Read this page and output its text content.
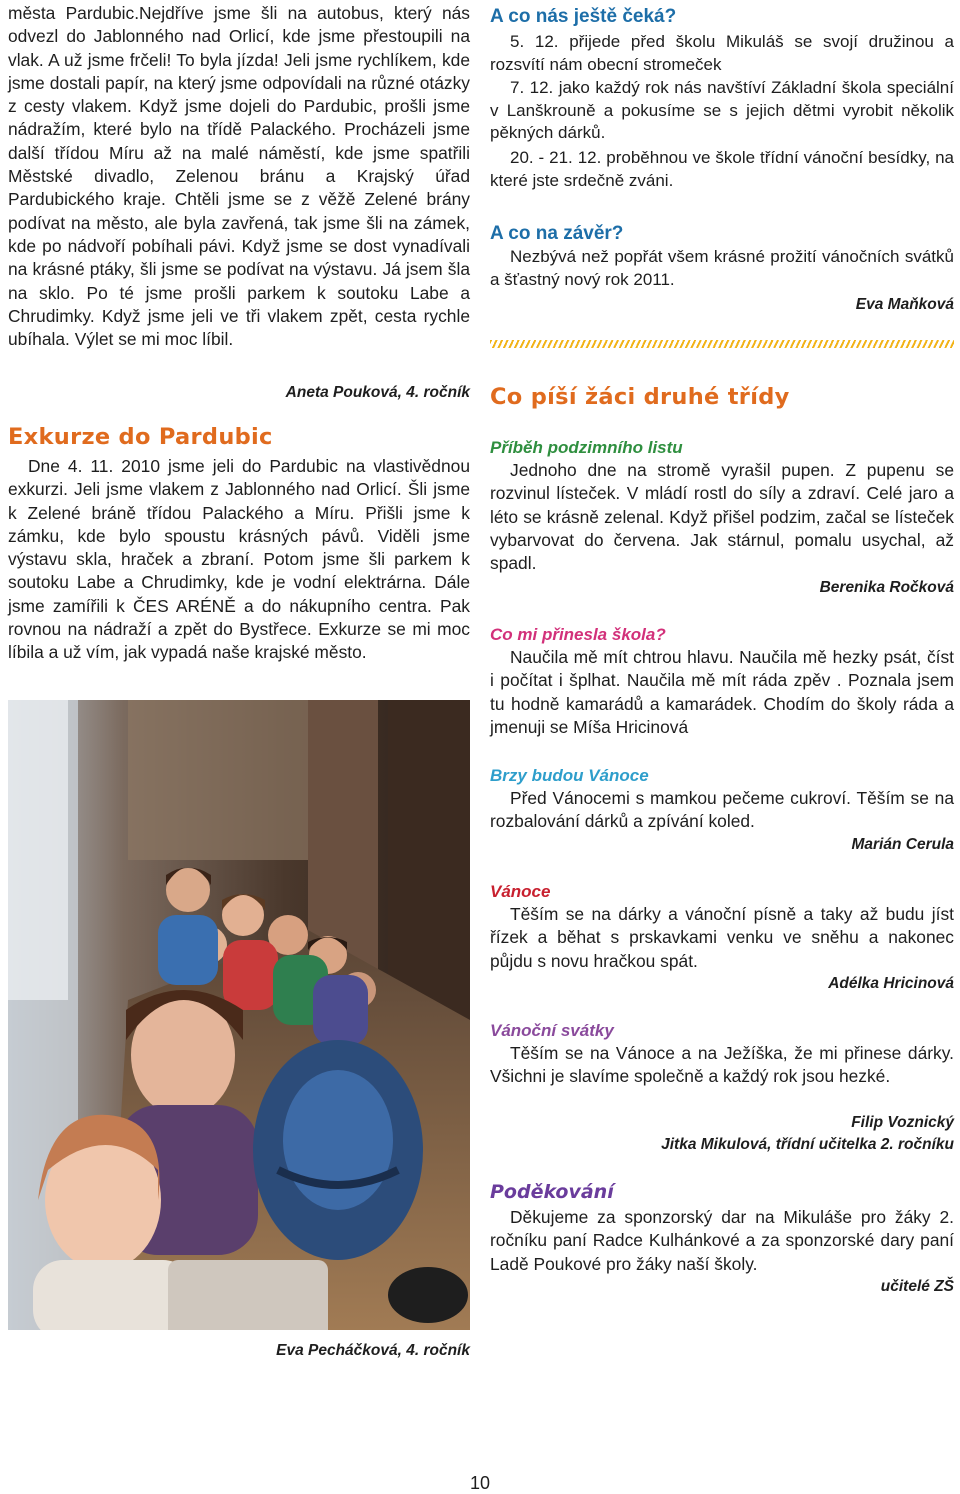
města Pardubic.Nejdříve jsme šli na autobus, který nás odvezl do Jablonného nad Orlicí, kde jsme přestoupili na vlak. A už jsme frčeli! To byla jízda! Jeli jsme rychlíkem, kde jsme dostali papír, na který jsme odpovídali na různé otázky z cesty vlakem. Když jsme dojeli do Pardubic, prošli jsme nádražím, které bylo na třídě Palackého. Procházeli jsme další třídou Míru až na malé náměstí, kde jsme spatřili Městské divadlo, Zelenou bránu a Krajský úřad Pardubického kraje. Chtěli jsme se z věžě Zelené brány podívat na město, ale byla zavřená, tak jsme šli na zámek, kde po nádvoří pobíhali pávi. Když jsme se dost vynadívali na krásné ptáky, šli jsme se podívat na výstavu. Já jsem šla na sklo. Po té jsme prošli parkem k soutoku Labe a Chrudimky. Když jsme jeli ve tři vlakem zpět, cesta rychle ubíhala. Výlet se mi moc líbil.

Aneta Pouková, 4. ročník

Exkurze do Pardubic

Dne 4. 11. 2010 jsme jeli do Pardubic na vlastivědnou exkurzi. Jeli jsme vlakem z Jablonného nad Orlicí. Šli jsme k Zelené bráně třídou Palackého a Míru. Přišli jsme k zámku, kde bylo spoustu krásných pávů. Viděli jsme výstavu skla, hraček a zbraní. Potom jsme šli parkem k soutoku Labe a Chrudimky, kde je vodní elektrárna. Dále jsme zamířili k ČES ARÉNĚ a do nákupního centra. Pak rovnou na nádraží a zpět do Bystřece. Exkurze se mi moc líbila a už vím, jak vypadá naše krajské město.

Eva Pecháčková, 4. ročník

A co nás ještě čeká?
5. 12. přijede před školu Mikuláš se svojí družinou a rozsvítí nám obecní stromeček
7. 12. jako každý rok nás navštíví Základní škola speciální v Lanškrouně a pokusíme se s jejich dětmi vyrobit několik pěkných dárků.
20. - 21. 12. proběhnou ve škole třídní vánoční besídky, na které jste srdečně zváni.
A co na závěr?

Nezbývá než popřát všem krásné prožití vánočních svátků a šťastný nový rok 2011.

Eva Maňková

Co píší žáci druhé třídy
Příběh podzimního listu

Jednoho dne na stromě vyrašil pupen. Z pupenu se rozvinul lísteček. V mládí rostl do síly a zdraví. Celé jaro a léto se krásně zelenal. Když přišel podzim, začal se lísteček vybarvovat do červena. Jak stárnul, pomalu usychal, až spadl.

Berenika Ročková

Co mi přinesla škola?

Naučila mě mít chtrou hlavu. Naučila mě hezky psát, číst i počítat i šplhat. Naučila mě mít ráda zpěv . Poznala jsem tu hodně kamarádů a kamarádek. Chodím do školy ráda a jmenuji se Míša Hricinová

Brzy budou Vánoce

Před Vánocemi s mamkou pečeme cukroví. Těším se na rozbalování dárků a zpívání koled.

Marián Cerula

Vánoce

Těším se na dárky a vánoční písně a taky až budu jíst řízek a běhat s prskavkami venku ve sněhu a nakonec půjdu s novu hračkou spát.

Adélka Hricinová

Vánoční svátky

Těším se na Vánoce a na Ježíška, že mi přinese dárky. Všichni je slavíme společně a každý rok jsou hezké.

Filip Voznický

Jitka Mikulová, třídní učitelka 2. ročníku

Poděkování

Děkujeme za sponzorský dar na Mikuláše pro žáky 2. ročníku paní Radce Kulhánkové a za sponzorské dary paní Ladě Poukové pro žáky naší školy.

učitelé ZŠ

10
